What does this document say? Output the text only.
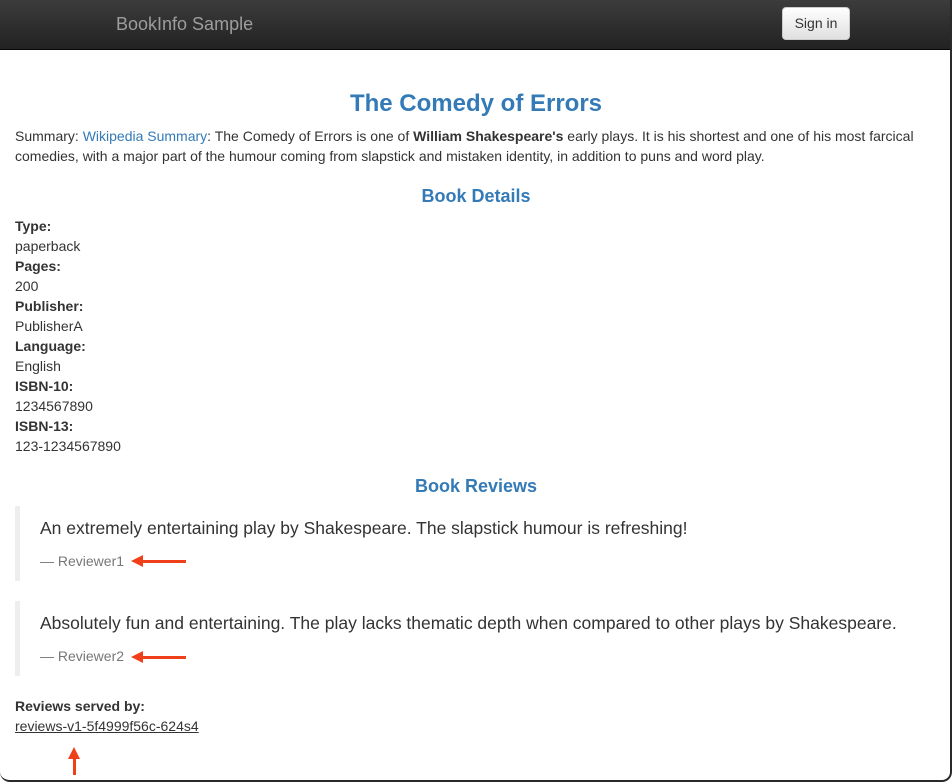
BookInfo Sample	Sign in
The Comedy of Errors

Summary: Wikipedia Summary: The Comedy of Errors is one of William Shakespeare's early plays. It is his shortest and one of his most farcical comedies, with a major part of the humour coming from slapstick and mistaken identity, in addition to puns and word play.

Book Details
Type:
paperback
Pages:
200
Publisher:
PublisherA
Language:
English
ISBN-10:
1234567890
ISBN-13:
123-1234567890
Book Reviews

An extremely entertaining play by Shakespeare. The slapstick humour is refreshing!

— Reviewer1

Absolutely fun and entertaining. The play lacks thematic depth when compared to other plays by Shakespeare.

— Reviewer2
Reviews served by:
reviews-v1-5f4999f56c-624s4
